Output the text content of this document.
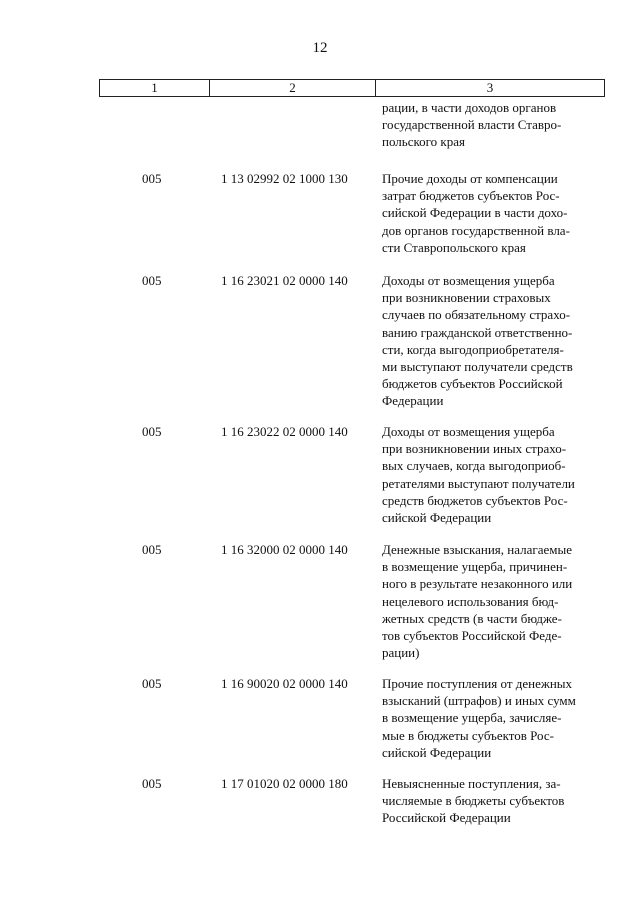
12
1	2	3
рации, в части доходов органов
государственной власти Ставро-
польского края
005	1 13 02992 02 1000 130	Прочие доходы от компенсации
затрат бюджетов субъектов Рос-
сийской Федерации в части дохо-
дов органов государственной вла-
сти Ставропольского края
005	1 16 23021 02 0000 140	Доходы от возмещения ущерба
при возникновении страховых
случаев по обязательному страхо-
ванию гражданской ответственно-
сти, когда выгодоприобретателя-
ми выступают получатели средств
бюджетов субъектов Российской
Федерации
005	1 16 23022 02 0000 140	Доходы от возмещения ущерба
при возникновении иных страхо-
вых случаев, когда выгодоприоб-
ретателями выступают получатели
средств бюджетов субъектов Рос-
сийской Федерации
005	1 16 32000 02 0000 140	Денежные взыскания, налагаемые
в возмещение ущерба, причинен-
ного в результате незаконного или
нецелевого использования бюд-
жетных средств (в части бюдже-
тов субъектов Российской Феде-
рации)
005	1 16 90020 02 0000 140	Прочие поступления от денежных
взысканий (штрафов) и иных сумм
в возмещение ущерба, зачисляе-
мые в бюджеты субъектов Рос-
сийской Федерации
005	1 17 01020 02 0000 180	Невыясненные поступления, за-
числяемые в бюджеты субъектов
Российской Федерации
